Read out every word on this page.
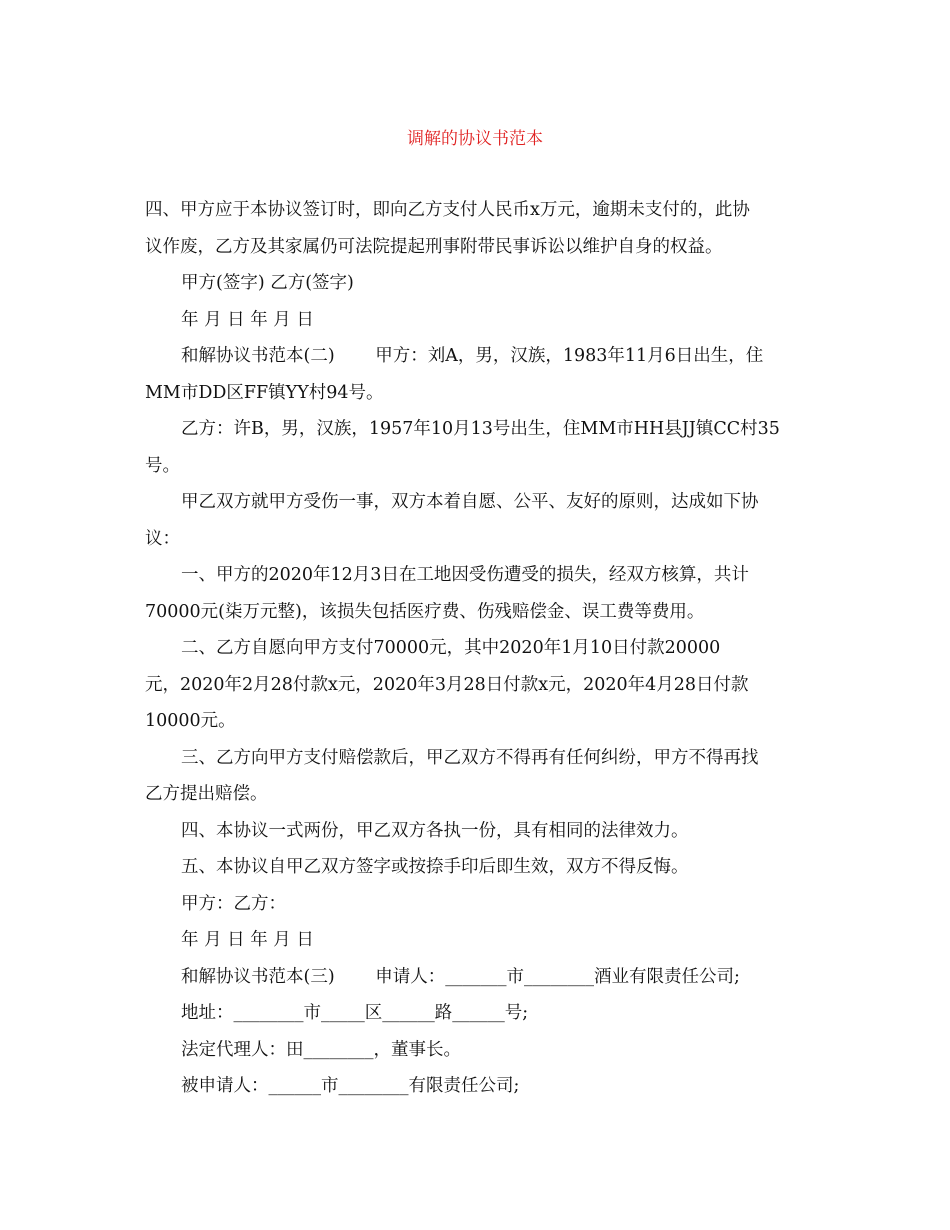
调解的协议书范本

四、甲方应于本协议签订时，即向乙方支付人民币x万元，逾期未支付的，此协

议作废，乙方及其家属仍可法院提起刑事附带民事诉讼以维护自身的权益。

甲方(签字) 乙方(签字)

年 月 日 年 月 日

和解协议书范本(二)　　 甲方：刘A，男，汉族，1983年11月6日出生，住

MM市DD区FF镇YY村94号。

乙方：许B，男，汉族，1957年10月13号出生，住MM市HH县JJ镇CC村35

号。

甲乙双方就甲方受伤一事，双方本着自愿、公平、友好的原则，达成如下协

议：

一、甲方的2020年12月3日在工地因受伤遭受的损失，经双方核算，共计

70000元(柒万元整)，该损失包括医疗费、伤残赔偿金、误工费等费用。

二、乙方自愿向甲方支付70000元，其中2020年1月10日付款20000

元，2020年2月28付款x元，2020年3月28日付款x元，2020年4月28日付款

10000元。

三、乙方向甲方支付赔偿款后，甲乙双方不得再有任何纠纷，甲方不得再找

乙方提出赔偿。

四、本协议一式两份，甲乙双方各执一份，具有相同的法律效力。

五、本协议自甲乙双方签字或按捺手印后即生效，双方不得反悔。

甲方：乙方：

年 月 日 年 月 日

和解协议书范本(三)　　 申请人：_______市________酒业有限责任公司;

地址：________市_____区______路______号;

法定代理人：田________，董事长。

被申请人：______市________有限责任公司;
